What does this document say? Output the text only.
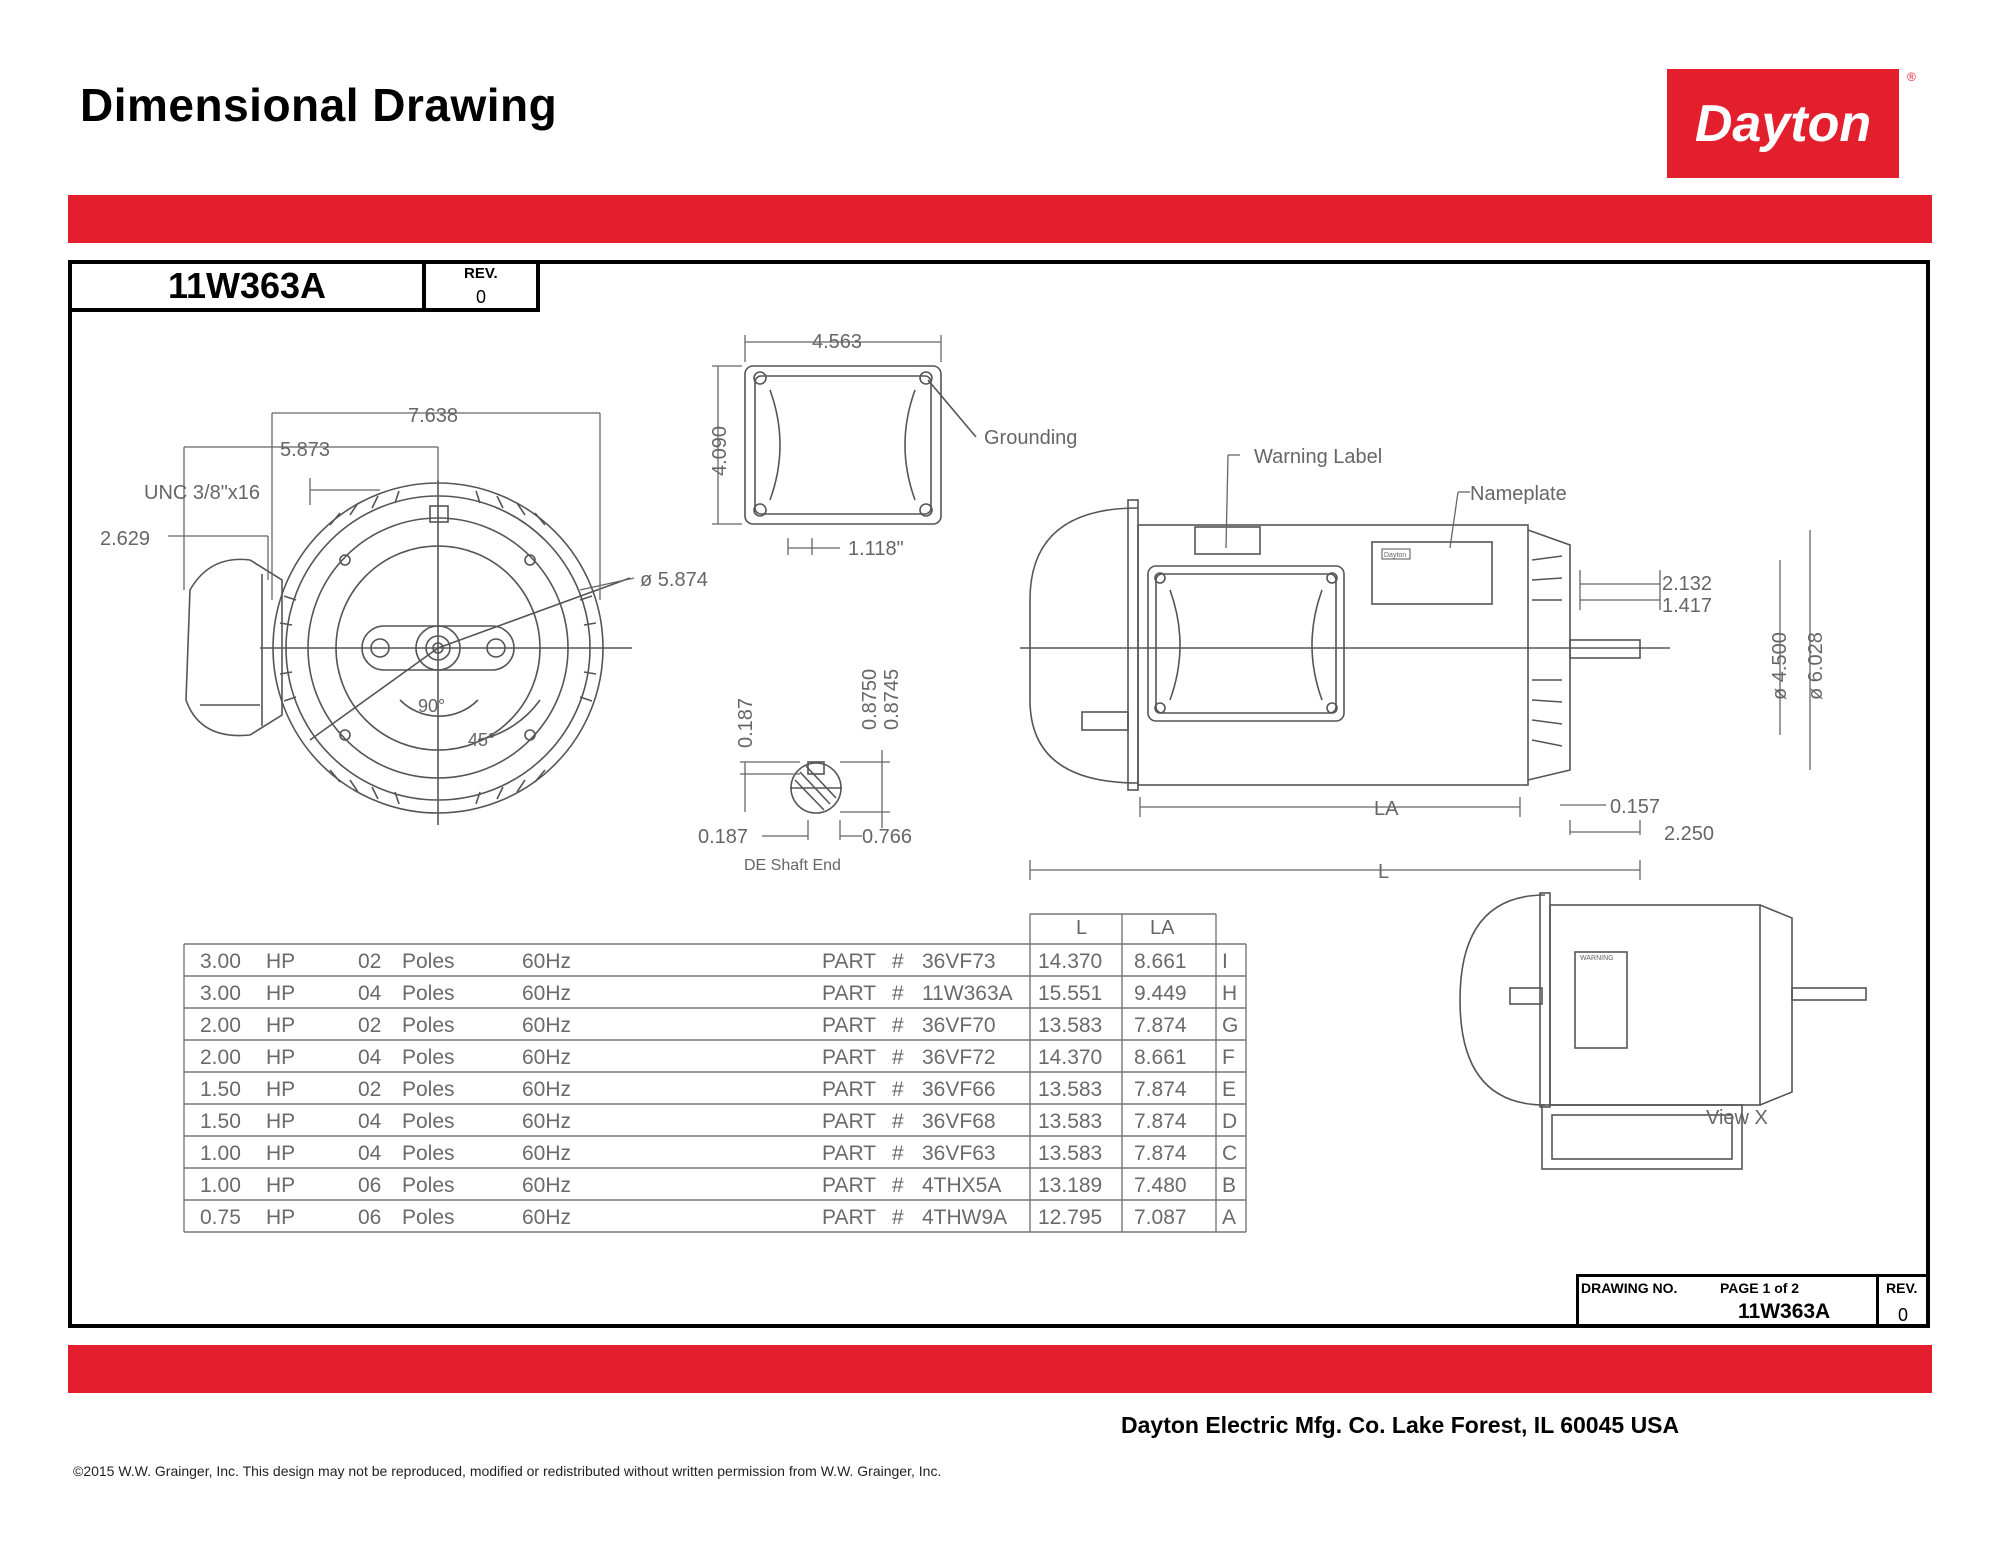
Dimensional Drawing	Dayton
®
11W363A	REV.
0
7.638
5.873
UNC 3/8"x16
2.629
ø 5.874
90°
45°
4.563
4.090
1.118"
Grounding
0.187	0.8750 0.8745
0.187	0.766
DE Shaft End
Warning Label
Nameplate
Dayton
2.132
1.417
ø 4.500 ø 6.028
LA	0.157
2.250
L
View X
WARNING
L	LA
3.00 HP	02 Poles	60Hz	PART # 36VF73 14.370 8.661 I
3.00 HP	04 Poles	60Hz	PART # 11W363A 15.551 9.449 H
2.00 HP	02 Poles	60Hz	PART # 36VF70 13.583 7.874 G
2.00 HP	04 Poles	60Hz	PART # 36VF72 14.370 8.661 F
1.50 HP	02 Poles	60Hz	PART # 36VF66 13.583 7.874 E
1.50 HP	04 Poles	60Hz	PART # 36VF68 13.583 7.874 D
1.00 HP	04 Poles	60Hz	PART # 36VF63 13.583 7.874 C
1.00 HP	06 Poles	60Hz	PART # 4THX5A 13.189 7.480 B
0.75 HP	06 Poles	60Hz	PART # 4THW9A 12.795 7.087 A
DRAWING NO.	PAGE 1 of 2
11W363A
REV.
0
Dayton Electric Mfg. Co. Lake Forest, IL 60045 USA
©2015 W.W. Grainger, Inc. This design may not be reproduced, modified or redistributed without written permission from W.W. Grainger, Inc.
